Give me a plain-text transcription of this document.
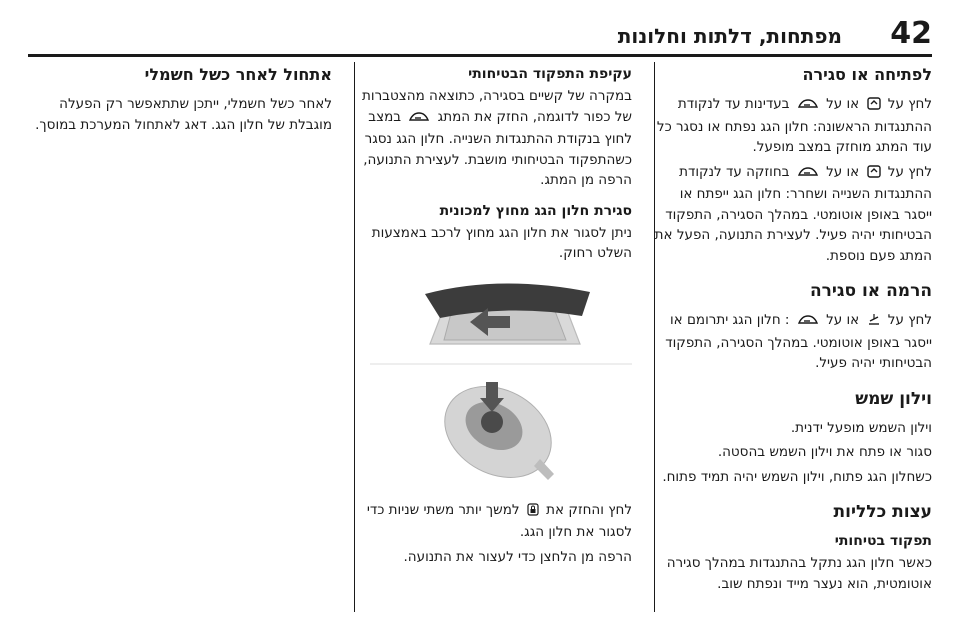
42
מפתחות, דלתות וחלונות
לפתיחה או סגירה

לחץ על  או על  בעדינות עד לנקודת ההתנגדות הראשונה: חלון הגג נפתח או נסגר כל עוד המתג מוחזק במצב מופעל.

לחץ על  או על  בחוזקה עד לנקודת ההתנגדות השנייה ושחרר: חלון הגג ייפתח או ייסגר באופן אוטומטי. במהלך הסגירה, התפקוד הבטיחותי יהיה פעיל. לעצירת התנועה, הפעל את המתג פעם נוספת.

הרמה או סגירה

לחץ על  או על  : חלון הגג יתרומם או ייסגר באופן אוטומטי. במהלך הסגירה, התפקוד הבטיחותי יהיה פעיל.

וילון שמש

וילון השמש מופעל ידנית.

סגור או פתח את וילון השמש בהסטה.

כשחלון הגג פתוח, וילון השמש יהיה תמיד פתוח.

עצות כלליות
תפקוד בטיחותי

כאשר חלון הגג נתקל בהתנגדות במהלך סגירה אוטומטית, הוא נעצר מייד ונפתח שוב.

עקיפת התפקוד הבטיחותי

במקרה של קשיים בסגירה, כתוצאה מהצטברות של כפור לדוגמה, החזק את המתג  במצב לחוץ בנקודת ההתנגדות השנייה. חלון הגג נסגר כשהתפקוד הבטיחותי מושבת. לעצירת התנועה, הרפה מן המתג.

סגירת חלון הגג מחוץ למכונית

ניתן לסגור את חלון הגג מחוץ לרכב באמצעות השלט רחוק.

לחץ והחזק את  למשך יותר משתי שניות כדי לסגור את חלון הגג.

הרפה מן הלחצן כדי לעצור את התנועה.

אתחול לאחר כשל חשמלי

לאחר כשל חשמלי, ייתכן שתתאפשר רק הפעלה מוגבלת של חלון הגג. דאג לאתחול המערכת במוסך.
